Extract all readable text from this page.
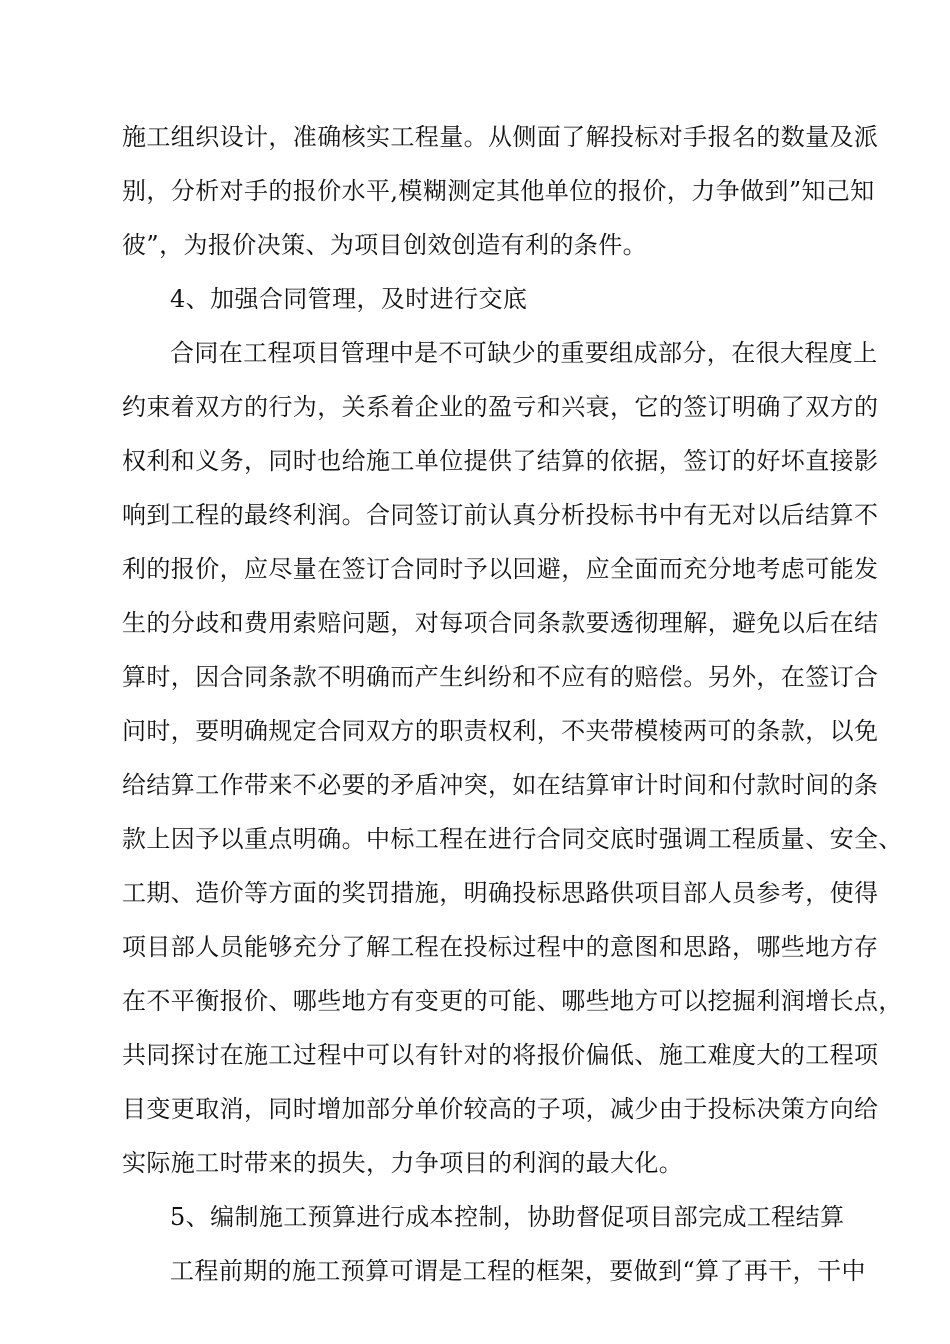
施工组织设计，准确核实工程量。从侧面了解投标对手报名的数量及派
别，分析对手的报价水平,模糊测定其他单位的报价，力争做到”知己知
彼”，为报价决策、为项目创效创造有利的条件。
4、加强合同管理，及时进行交底
合同在工程项目管理中是不可缺少的重要组成部分，在很大程度上
约束着双方的行为，关系着企业的盈亏和兴衰，它的签订明确了双方的
权利和义务，同时也给施工单位提供了结算的依据，签订的好坏直接影
响到工程的最终利润。合同签订前认真分析投标书中有无对以后结算不
利的报价，应尽量在签订合同时予以回避，应全面而充分地考虑可能发
生的分歧和费用索赔问题，对每项合同条款要透彻理解，避免以后在结
算时，因合同条款不明确而产生纠纷和不应有的赔偿。另外，在签订合
问时，要明确规定合同双方的职责权利，不夹带模棱两可的条款，以免
给结算工作带来不必要的矛盾冲突，如在结算审计时间和付款时间的条
款上因予以重点明确。中标工程在进行合同交底时强调工程质量、安全、
工期、造价等方面的奖罚措施，明确投标思路供项目部人员参考，使得
项目部人员能够充分了解工程在投标过程中的意图和思路，哪些地方存
在不平衡报价、哪些地方有变更的可能、哪些地方可以挖掘利润增长点，
共同探讨在施工过程中可以有针对的将报价偏低、施工难度大的工程项
目变更取消，同时增加部分单价较高的子项，减少由于投标决策方向给
实际施工时带来的损失，力争项目的利润的最大化。
5、编制施工预算进行成本控制，协助督促项目部完成工程结算
工程前期的施工预算可谓是工程的框架，要做到“算了再干，干中
